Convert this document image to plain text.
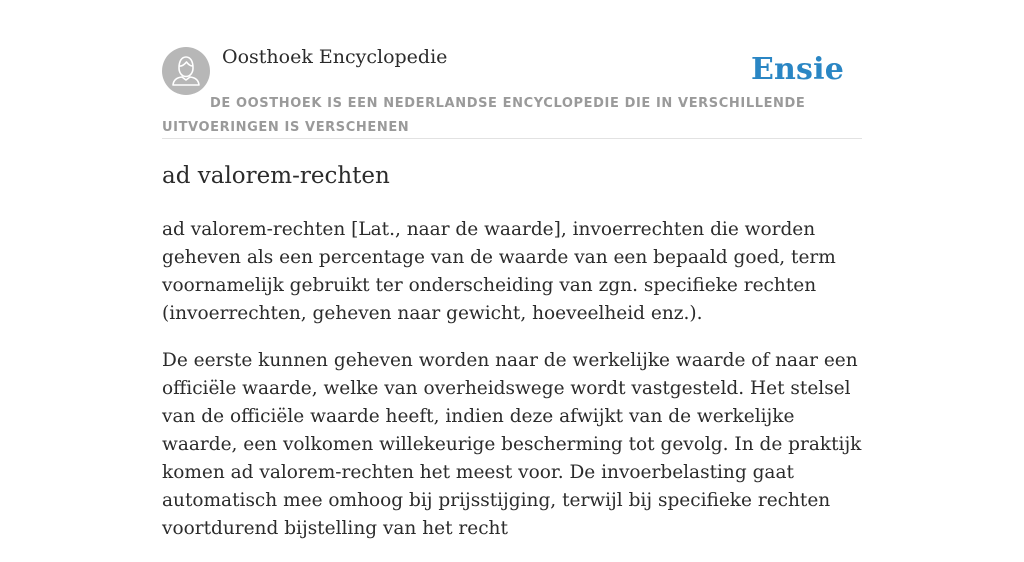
Oosthoek Encyclopedie	Ensie
DE OOSTHOEK IS EEN NEDERLANDSE ENCYCLOPEDIE DIE IN VERSCHILLENDE UITVOERINGEN IS VERSCHENEN
ad valorem-rechten

ad valorem-rechten [Lat., naar de waarde], invoerrechten die worden geheven als een percentage van de waarde van een bepaald goed, term voornamelijk gebruikt ter onderscheiding van zgn. specifieke rechten (invoerrechten, geheven naar gewicht, hoeveelheid enz.).

De eerste kunnen geheven worden naar de werkelijke waarde of naar een officiële waarde, welke van overheidswege wordt vastgesteld. Het stelsel van de officiële waarde heeft, indien deze afwijkt van de werkelijke waarde, een volkomen willekeurige bescherming tot gevolg. In de praktijk komen ad valorem-rechten het meest voor. De invoerbelasting gaat automatisch mee omhoog bij prijsstijging, terwijl bij specifieke rechten voortdurend bijstelling van het recht
